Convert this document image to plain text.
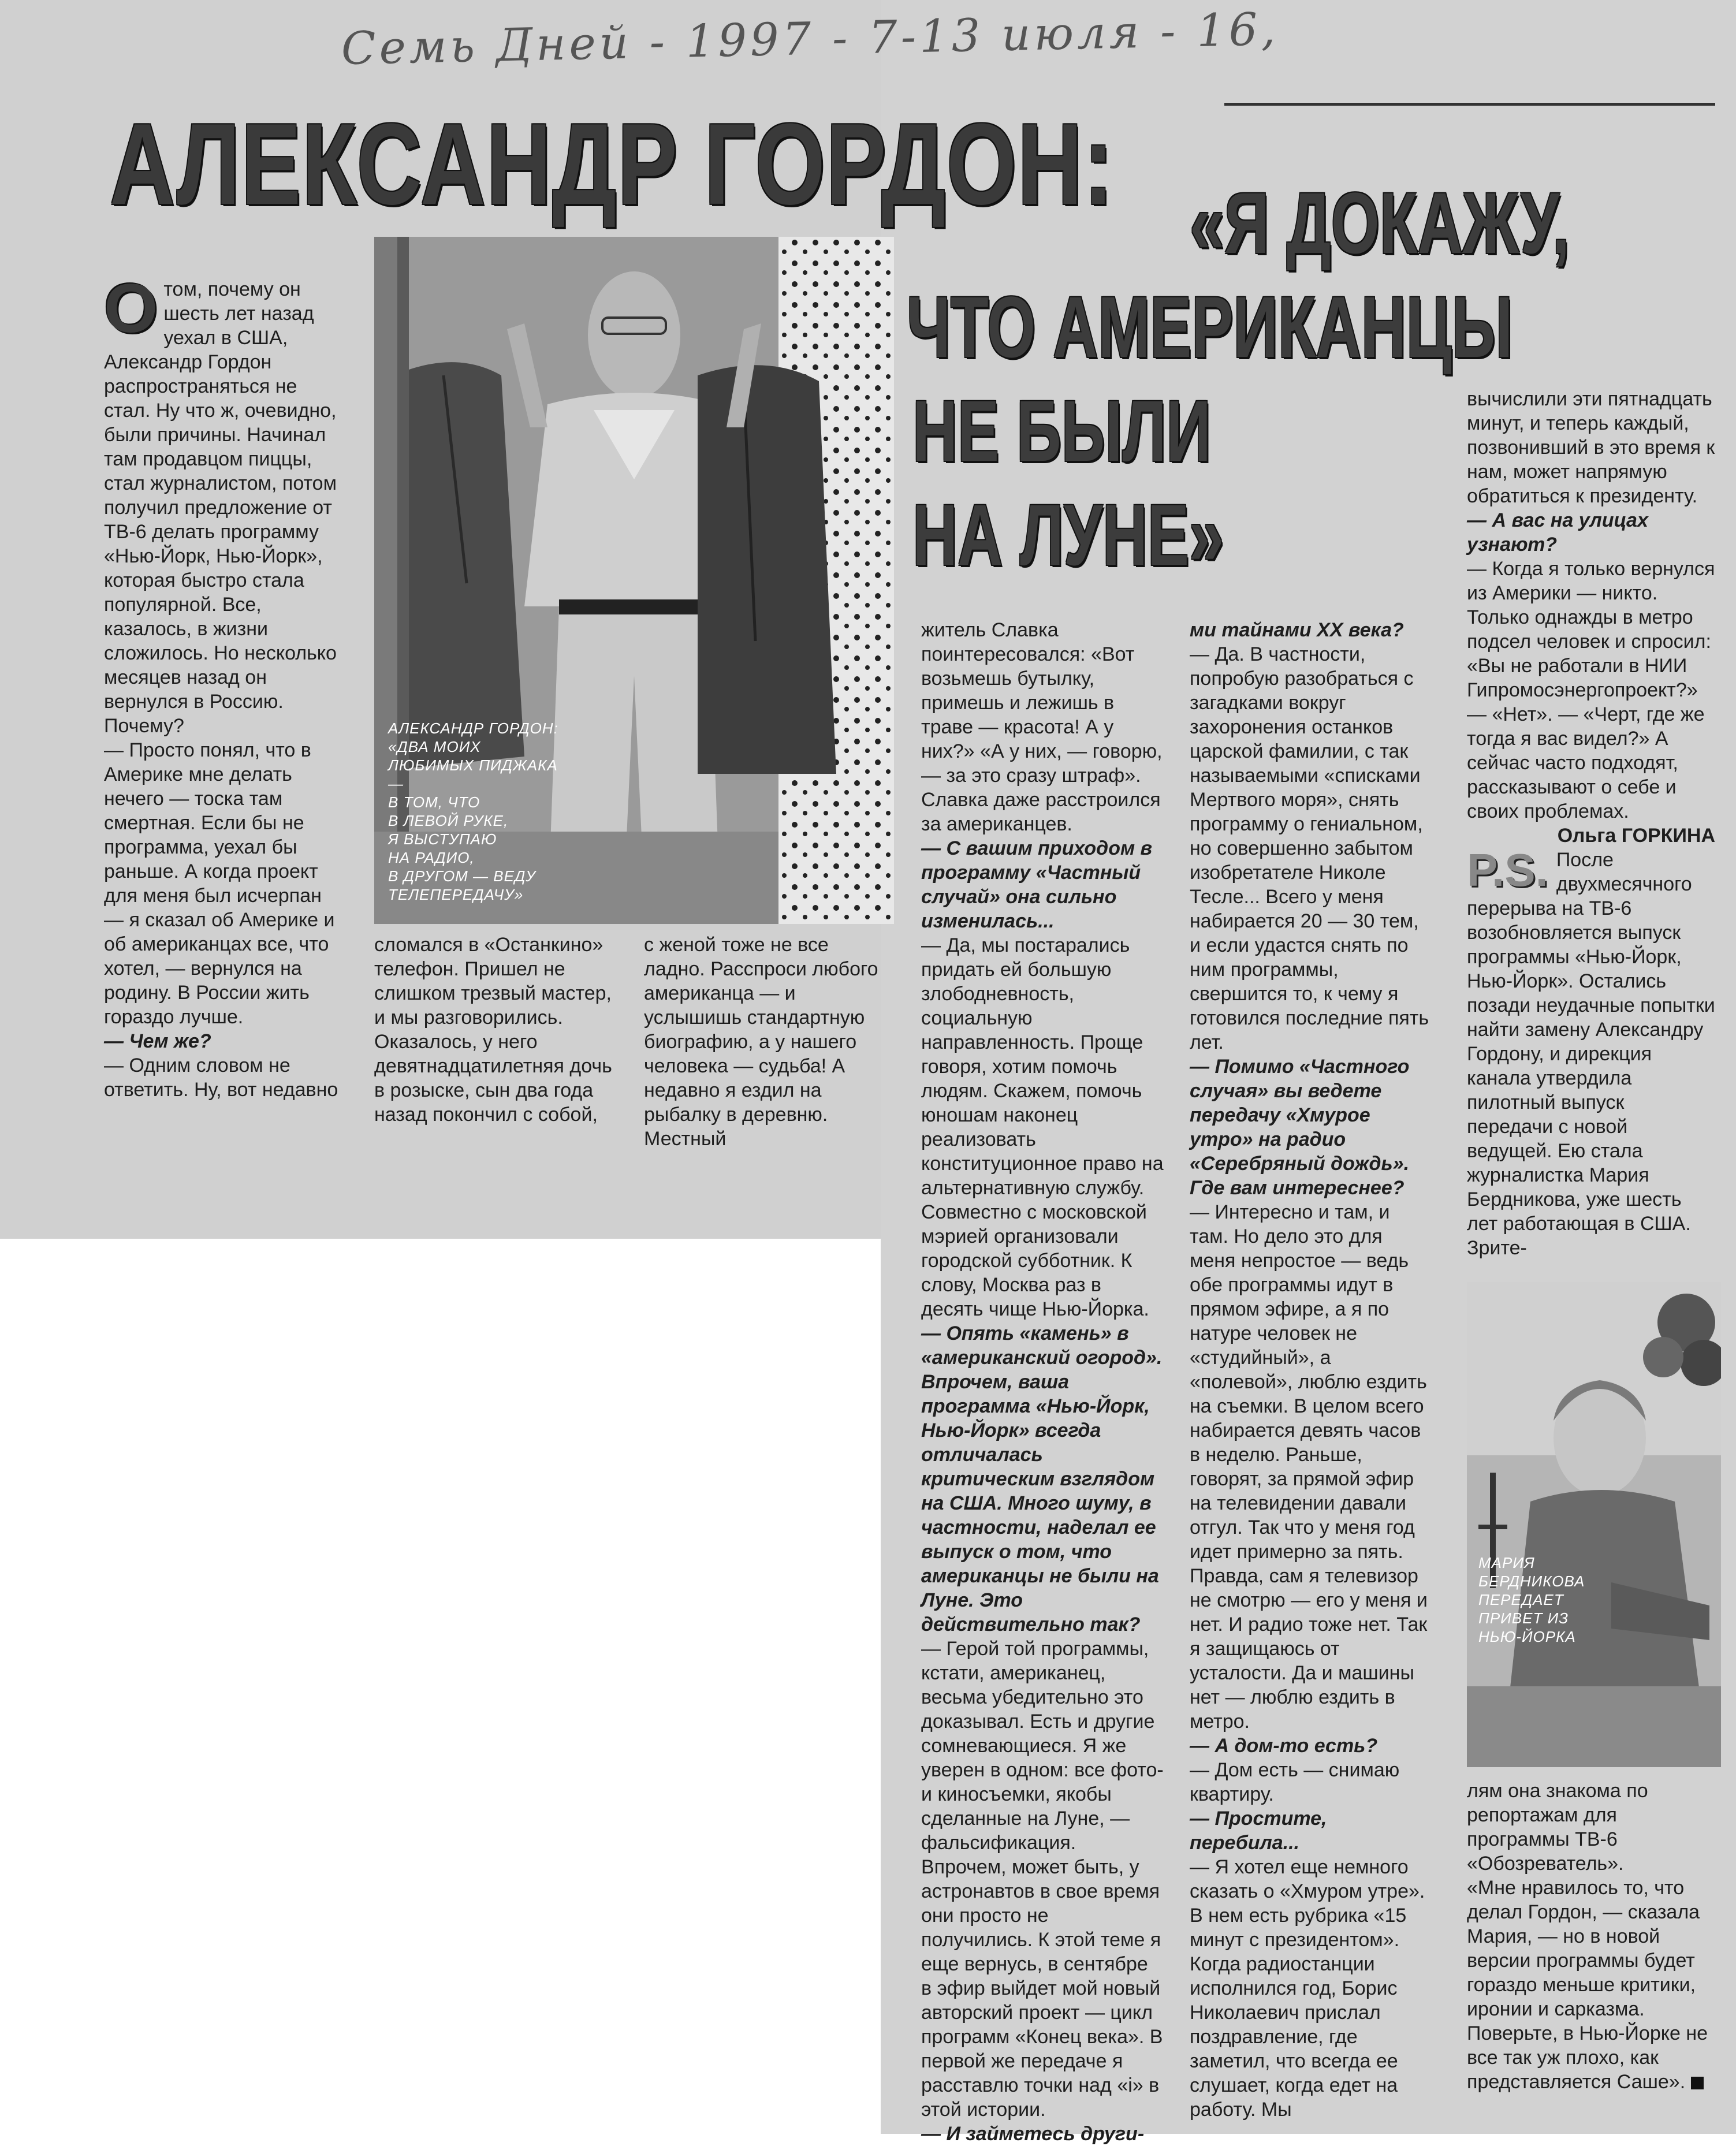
Семь Дней - 1997 - 7-13 июля - 16,
АЛЕКСАНДР ГОРДОН: «Я ДОКАЖУ,
ЧТО АМЕРИКАНЦЫ
НЕ БЫЛИ
НА ЛУНЕ»
АЛЕКСАНДР ГОРДОН:
«ДВА МОИХ
ЛЮБИМЫХ ПИДЖАКА —
В ТОМ, ЧТО
В ЛЕВОЙ РУКЕ,
Я ВЫСТУПАЮ
НА РАДИО,
В ДРУГОМ — ВЕДУ
ТЕЛЕПЕРЕДАЧУ»
МАРИЯ
БЕРДНИКОВА
ПЕРЕДАЕТ
ПРИВЕТ ИЗ
НЬЮ-ЙОРКА
О том, почему он шесть лет назад уехал в США, Александр Гордон распространяться не стал. Ну что ж, очевидно, были причины. Начинал там продавцом пиццы, стал журналистом, потом получил предложение от ТВ-6 делать программу «Нью-Йорк, Нью-Йорк», которая быстро стала популярной. Все, казалось, в жизни сложилось. Но несколько месяцев назад он вернулся в Россию. Почему?

— Просто понял, что в Америке мне делать нечего — тоска там смертная. Если бы не программа, уехал бы раньше. А когда проект для меня был исчерпан — я сказал об Америке и об американцах все, что хотел, — вернулся на родину. В России жить гораздо лучше.

— Чем же?

— Одним словом не ответить. Ну, вот недавно

сломался в «Останкино» телефон. Пришел не слишком трезвый мастер, и мы разговорились. Оказалось, у него девятнадцатилетняя дочь в розыске, сын два года назад покончил с собой,

с женой тоже не все ладно. Расспроси любого американца — и услышишь стандартную биографию, а у нашего человека — судьба! А недавно я ездил на рыбалку в деревню. Местный

житель Славка поинтересовался: «Вот возьмешь бутылку, примешь и лежишь в траве — красота! А у них?» «А у них, — говорю, — за это сразу штраф». Славка даже расстроился за американцев.

— С вашим приходом в программу «Частный случай» она сильно изменилась...

— Да, мы постарались придать ей большую злободневность, социальную направленность. Проще говоря, хотим помочь людям. Скажем, помочь юношам наконец реализовать конституционное право на альтернативную службу. Совместно с московской мэрией организовали городской субботник. К слову, Москва раз в десять чище Нью-Йорка.

— Опять «камень» в «американский огород». Впрочем, ваша программа «Нью-Йорк, Нью-Йорк» всегда отличалась критическим взглядом на США. Много шуму, в частности, наделал ее выпуск о том, что американцы не были на Луне. Это действительно так?

— Герой той программы, кстати, американец, весьма убедительно это доказывал. Есть и другие сомневающиеся. Я же уверен в одном: все фото- и киносъемки, якобы сделанные на Луне, — фальсификация. Впрочем, может быть, у астронавтов в свое время они просто не получились. К этой теме я еще вернусь, в сентябре в эфир выйдет мой новый авторский проект — цикл программ «Конец века». В первой же передаче я расставлю точки над «i» в этой истории.

— И займетесь други-

ми тайнами XX века?

— Да. В частности, попробую разобраться с загадками вокруг захоронения останков царской фамилии, с так называемыми «списками Мертвого моря», снять программу о гениальном, но совершенно забытом изобретателе Николе Тесле... Всего у меня набирается 20 — 30 тем, и если удастся снять по ним программы, свершится то, к чему я готовился последние пять лет.

— Помимо «Частного случая» вы ведете передачу «Хмурое утро» на радио «Серебряный дождь». Где вам интереснее?

— Интересно и там, и там. Но дело это для меня непростое — ведь обе программы идут в прямом эфире, а я по натуре человек не «студийный», а «полевой», люблю ездить на съемки. В целом всего набирается девять часов в неделю. Раньше, говорят, за прямой эфир на телевидении давали отгул. Так что у меня год идет примерно за пять. Правда, сам я телевизор не смотрю — его у меня и нет. И радио тоже нет. Так я защищаюсь от усталости. Да и машины нет — люблю ездить в метро.

— А дом-то есть?

— Дом есть — снимаю квартиру.

— Простите, перебила...

— Я хотел еще немного сказать о «Хмуром утре». В нем есть рубрика «15 минут с президентом». Когда радиостанции исполнился год, Борис Николаевич прислал поздравление, где заметил, что всегда ее слушает, когда едет на работу. Мы

вычислили эти пятнадцать минут, и теперь каждый, позвонивший в это время к нам, может напрямую обратиться к президенту.

— А вас на улицах узнают?

— Когда я только вернулся из Америки — никто. Только однажды в метро подсел человек и спросил: «Вы не работали в НИИ Гипромосэнергопроект?» — «Нет». — «Черт, где же тогда я вас видел?» А сейчас часто подходят, рассказывают о себе и своих проблемах.

Ольга ГОРКИНА

P.S. После двухмесячного перерыва на ТВ-6 возобновляется выпуск программы «Нью-Йорк, Нью-Йорк». Остались позади неудачные попытки найти замену Александру Гордону, и дирекция канала утвердила пилотный выпуск передачи с новой ведущей. Ею стала журналистка Мария Бердникова, уже шесть лет работающая в США. Зрите-

лям она знакома по репортажам для программы ТВ-6 «Обозреватель».

«Мне нравилось то, что делал Гордон, — сказала Мария, — но в новой версии программы будет гораздо меньше критики, иронии и сарказма. Поверьте, в Нью-Йорке не все так уж плохо, как представляется Саше».
